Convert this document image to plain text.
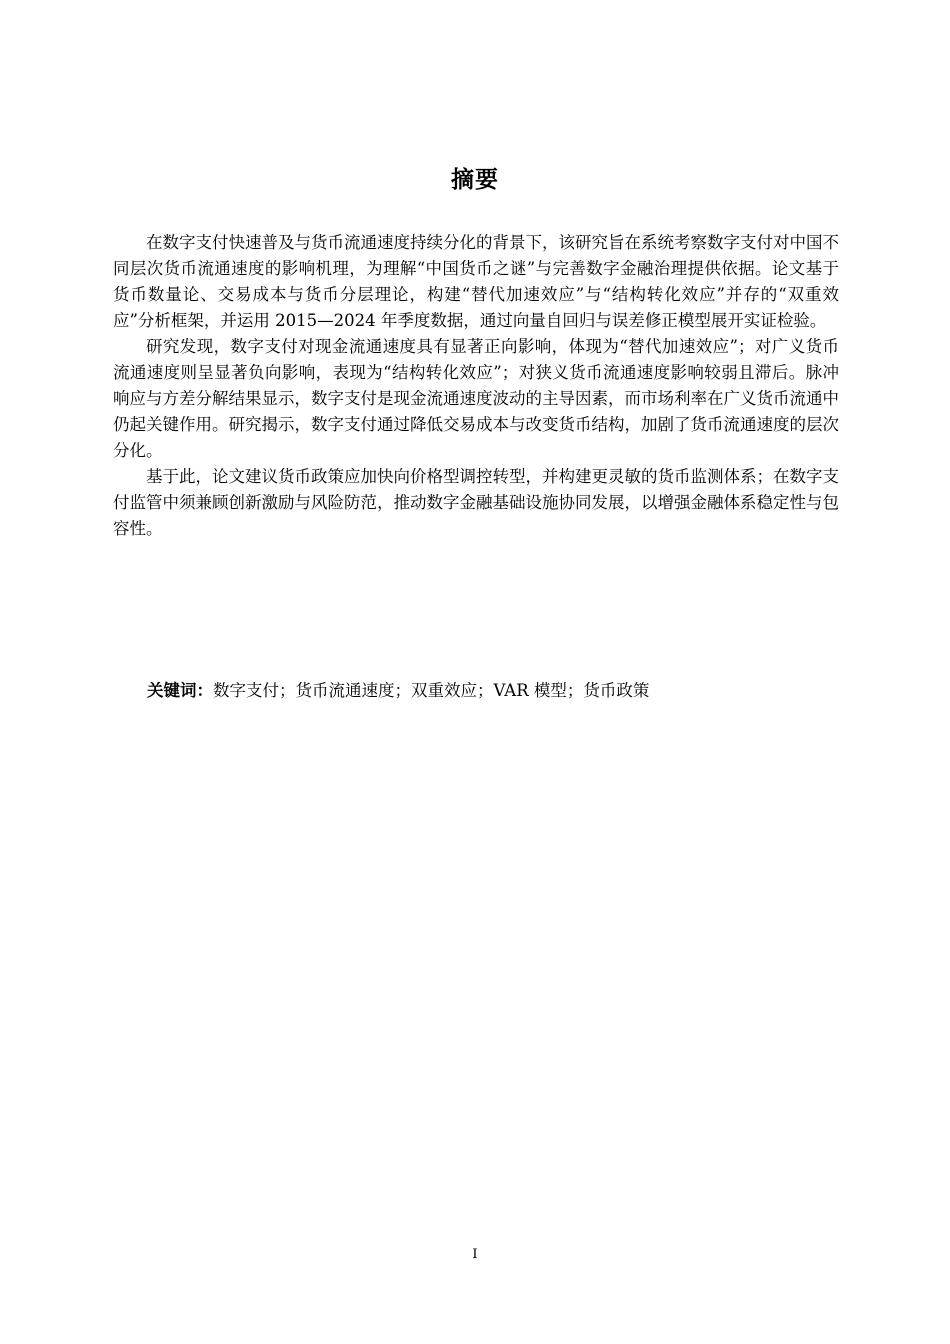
摘要

在数字支付快速普及与货币流通速度持续分化的背景下，该研究旨在系统考察数字支付对中国不同层次货币流通速度的影响机理，为理解“中国货币之谜”与完善数字金融治理提供依据。论文基于货币数量论、交易成本与货币分层理论，构建“替代加速效应”与“结构转化效应”并存的“双重效应”分析框架，并运用 2015—2024 年季度数据，通过向量自回归与误差修正模型展开实证检验。

研究发现，数字支付对现金流通速度具有显著正向影响，体现为“替代加速效应”；对广义货币流通速度则呈显著负向影响，表现为“结构转化效应”；对狭义货币流通速度影响较弱且滞后。脉冲响应与方差分解结果显示，数字支付是现金流通速度波动的主导因素，而市场利率在广义货币流通中仍起关键作用。研究揭示，数字支付通过降低交易成本与改变货币结构，加剧了货币流通速度的层次分化。

基于此，论文建议货币政策应加快向价格型调控转型，并构建更灵敏的货币监测体系；在数字支付监管中须兼顾创新激励与风险防范，推动数字金融基础设施协同发展，以增强金融体系稳定性与包容性。

关键词：数字支付；货币流通速度；双重效应；VAR 模型；货币政策
I
